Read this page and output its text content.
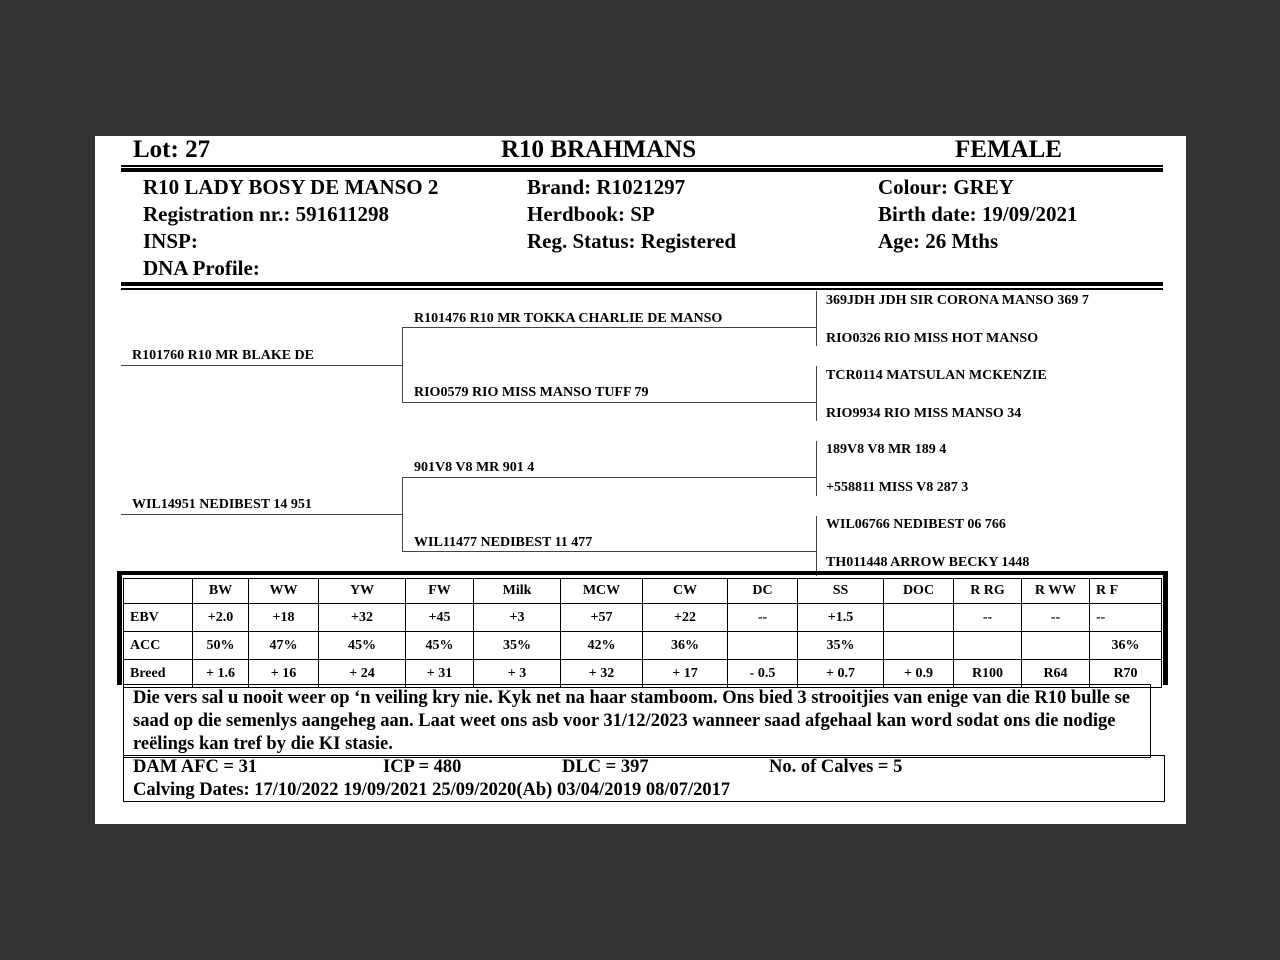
Lot: 27	R10 BRAHMANS	FEMALE
R10 LADY BOSY DE MANSO 2
Registration nr.: 591611298
INSP:
DNA Profile:
Brand: R1021297
Herdbook: SP
Reg. Status: Registered
Colour: GREY
Birth date: 19/09/2021
Age: 26 Mths
R101760 R10 MR BLAKE DE
WIL14951 NEDIBEST 14 951
R101476 R10 MR TOKKA CHARLIE DE MANSO
RIO0579 RIO MISS MANSO TUFF 79
901V8 V8 MR 901 4
WIL11477 NEDIBEST 11 477
369JDH JDH SIR CORONA MANSO 369 7
RIO0326 RIO MISS HOT MANSO
TCR0114 MATSULAN MCKENZIE
RIO9934 RIO MISS MANSO 34
189V8 V8 MR 189 4
+558811 MISS V8 287 3
WIL06766 NEDIBEST 06 766
TH011448 ARROW BECKY 1448
	BW	WW	YW	FW	Milk	MCW	CW	DC	SS	DOC	R RG	R WW	R F
EBV	+2.0	+18	+32	+45	+3	+57	+22	--	+1.5		--	--	--
ACC	50%	47%	45%	45%	35%	42%	36%		35%				36%
Breed	+ 1.6	+ 16	+ 24	+ 31	+ 3	+ 32	+ 17	- 0.5	+ 0.7	+ 0.9	R100	R64	R70
Die vers sal u nooit weer op ‘n veiling kry nie. Kyk net na haar stamboom. Ons bied 3 strooitjies van enige van die R10 bulle se saad op die semenlys aangeheg aan. Laat weet ons asb voor 31/12/2023 wanneer saad afgehaal kan word sodat ons die nodige reëlings kan tref by die KI stasie.
DAM AFC = 31	ICP = 480	DLC = 397	No. of Calves = 5
Calving Dates: 17/10/2022 19/09/2021 25/09/2020(Ab) 03/04/2019 08/07/2017
